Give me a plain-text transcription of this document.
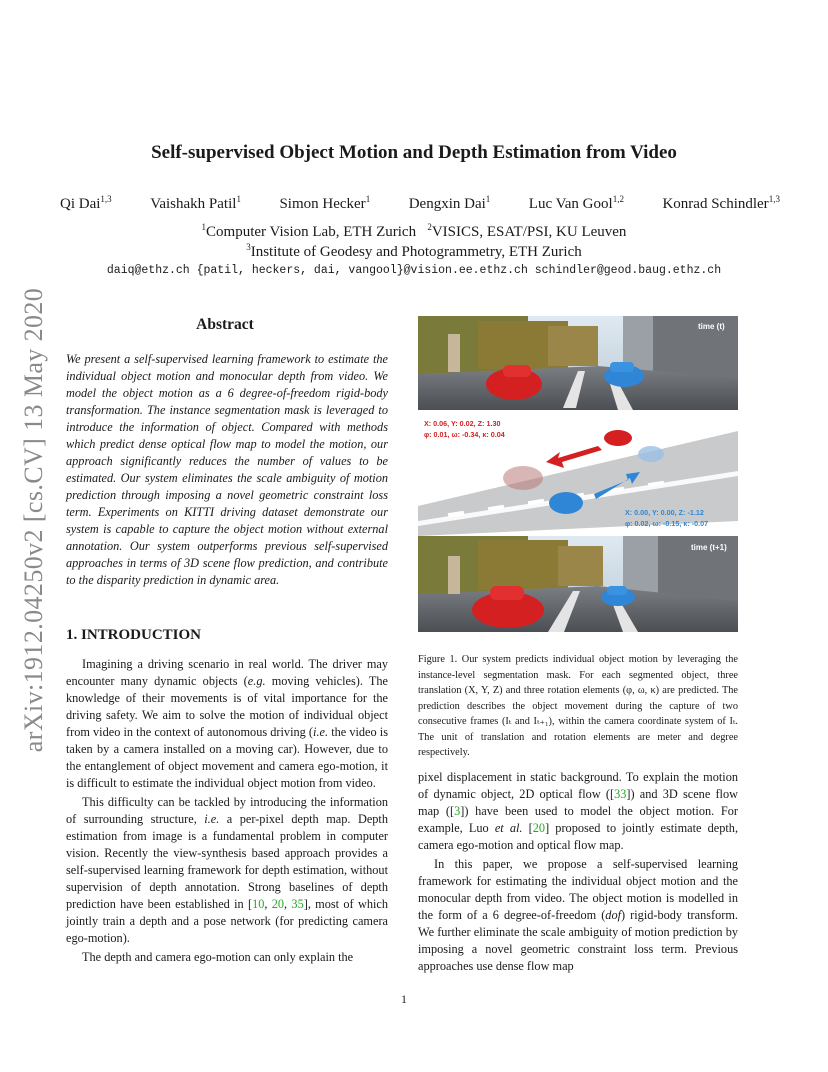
arXiv:1912.04250v2 [cs.CV] 13 May 2020
Self-supervised Object Motion and Depth Estimation from Video
Qi Dai$^{1,3}$	Vaishakh Patil$^1$	Simon Hecker$^1$	Dengxin Dai$^1$	Luc Van Gool$^{1,2}$	Konrad Schindler$^{1,3}$
$^1$Computer Vision Lab, ETH Zurich $^2$VISICS, ESAT/PSI, KU Leuven
$^3$Institute of Geodesy and Photogrammetry, ETH Zurich
daiq@ethz.ch {patil, heckers, dai, vangool}@vision.ee.ethz.ch schindler@geod.baug.ethz.ch
Abstract
We present a self-supervised learning framework to estimate the individual object motion and monocular depth from video. We model the object motion as a 6 degree-of-freedom rigid-body transformation. The instance segmentation mask is leveraged to introduce the information of object. Compared with methods which predict dense optical flow map to model the motion, our approach significantly reduces the number of values to be estimated. Our system eliminates the scale ambiguity of motion prediction through imposing a novel geometric constraint loss term. Experiments on KITTI driving dataset demonstrate our system is capable to capture the object motion without external annotation. Our system outperforms previous self-supervised approaches in terms of 3D scene flow prediction, and contribute to the disparity prediction in dynamic area.
1. INTRODUCTION

Imagining a driving scenario in real world. The driver may encounter many dynamic objects (e.g. moving vehicles). The knowledge of their movements is of vital importance for the driving safety. We aim to solve the motion of individual object from video in the context of autonomous driving (i.e. the video is taken by a camera installed on a moving car). However, due to the entanglement of object movement and camera ego-motion, it is difficult to estimate the individual object motion from video.

This difficulty can be tackled by introducing the information of surrounding structure, i.e. a per-pixel depth map. Depth estimation from image is a fundamental problem in computer vision. Recently the view-synthesis based approach provides a self-supervised learning framework for depth estimation, without supervision of depth annotation. Strong baselines of depth prediction have been established in [10, 20, 35], most of which jointly train a depth and a pose network (for predicting camera ego-motion).

The depth and camera ego-motion can only explain the

time (t)
X: 0.06, Y: 0.02, Z: 1.30
φ: 0.01, ω: -0.34, κ: 0.04
X: 0.00, Y: 0.00, Z: -1.12
φ: 0.02, ω: -0.15, κ: -0.07
time (t+1)
Figure 1. Our system predicts individual object motion by leveraging the instance-level segmentation mask. For each segmented object, three translation (X, Y, Z) and three rotation elements (φ, ω, κ) are predicted. The prediction describes the object movement during the capture of two consecutive frames (Iₜ and Iₜ₊₁), within the camera coordinate system of Iₜ. The unit of translation and rotation elements are meter and degree respectively.

pixel displacement in static background. To explain the motion of dynamic object, 2D optical flow ([33]) and 3D scene flow map ([3]) have been used to model the object motion. For example, Luo et al. [20] proposed to jointly estimate depth, camera ego-motion and optical flow map.

In this paper, we propose a self-supervised learning framework for estimating the individual object motion and the monocular depth from video. The object motion is modelled in the form of a 6 degree-of-freedom (dof) rigid-body transform. We further eliminate the scale ambiguity of motion prediction by imposing a novel geometric constraint loss term. Previous approaches use dense flow map

1
